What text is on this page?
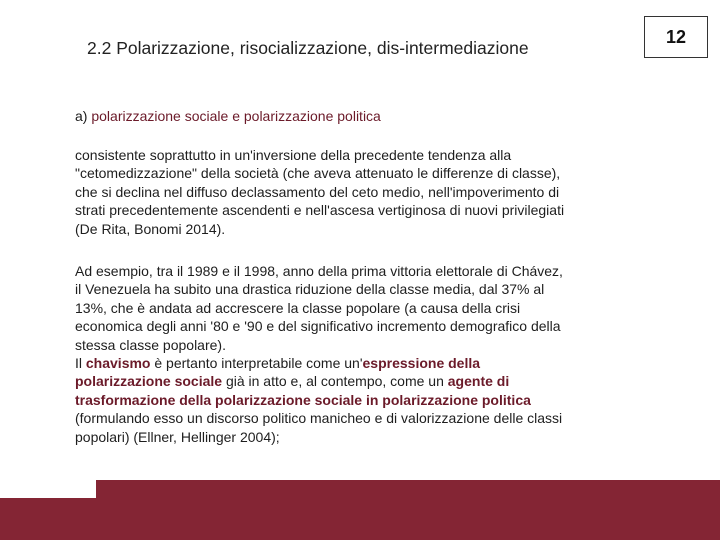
2.2 Polarizzazione, risocializzazione, dis-intermediazione
12
a) polarizzazione sociale e polarizzazione politica
consistente soprattutto in un'inversione della precedente tendenza alla
"cetomedizzazione" della società (che aveva attenuato le differenze di classe),
che si declina nel diffuso declassamento del ceto medio, nell'impoverimento di
strati precedentemente ascendenti e nell'ascesa vertiginosa di nuovi privilegiati
(De Rita, Bonomi 2014).
Ad esempio, tra il 1989 e il 1998, anno della prima vittoria elettorale di Chávez,
il Venezuela ha subito una drastica riduzione della classe media, dal 37% al
13%, che è andata ad accrescere la classe popolare (a causa della crisi
economica degli anni '80 e '90 e del significativo incremento demografico della
stessa classe popolare).
Il chavismo è pertanto interpretabile come un'espressione della
polarizzazione sociale già in atto e, al contempo, come un agente di
trasformazione della polarizzazione sociale in polarizzazione politica
(formulando esso un discorso politico manicheo e di valorizzazione delle classi
popolari) (Ellner, Hellinger 2004);
